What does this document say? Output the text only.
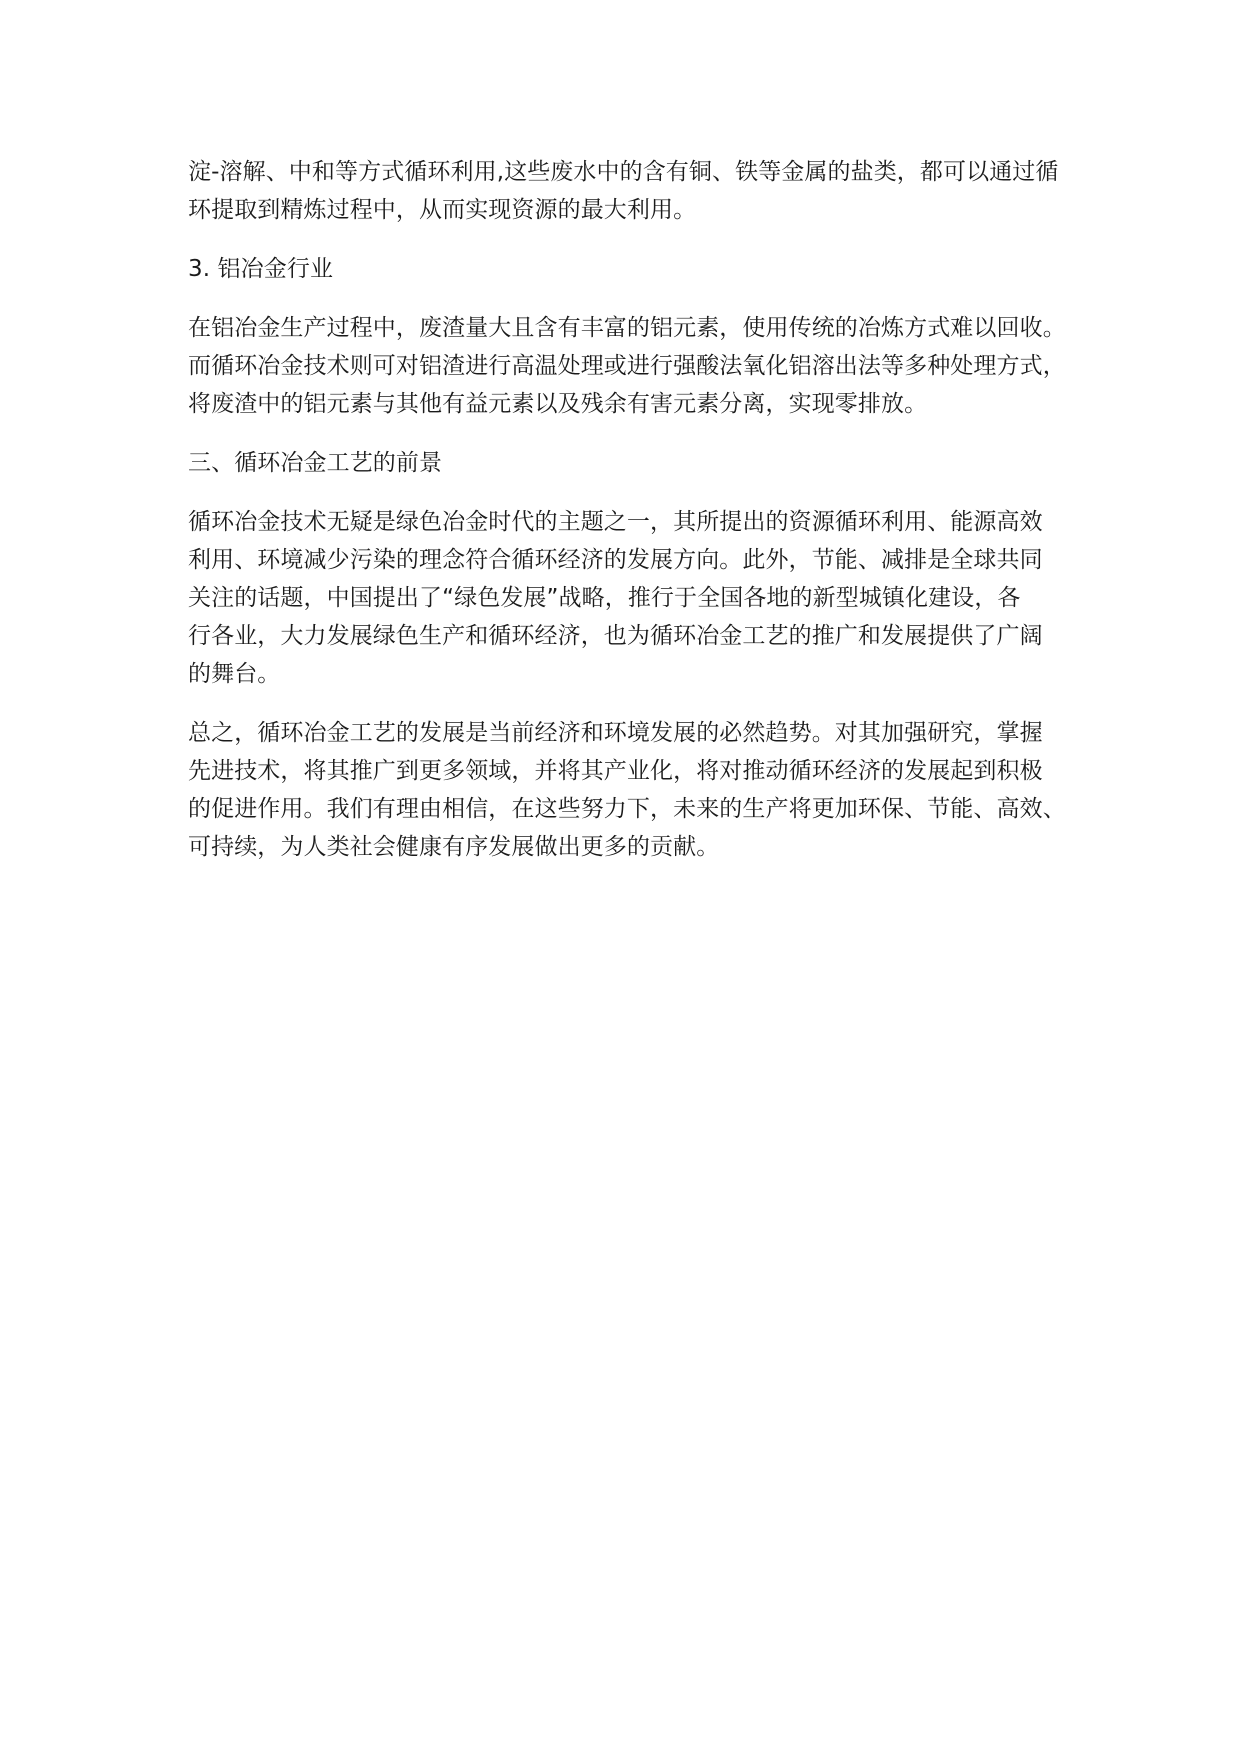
淀-溶解、中和等方式循环利用,这些废水中的含有铜、铁等金属的盐类，都可以通过循
环提取到精炼过程中，从而实现资源的最大利用。
3. 铝冶金行业
在铝冶金生产过程中，废渣量大且含有丰富的铝元素，使用传统的冶炼方式难以回收。
而循环冶金技术则可对铝渣进行高温处理或进行强酸法氧化铝溶出法等多种处理方式，
将废渣中的铝元素与其他有益元素以及残余有害元素分离，实现零排放。
三、循环冶金工艺的前景
循环冶金技术无疑是绿色冶金时代的主题之一，其所提出的资源循环利用、能源高效
利用、环境减少污染的理念符合循环经济的发展方向。此外，节能、减排是全球共同
关注的话题，中国提出了“绿色发展”战略，推行于全国各地的新型城镇化建设，各
行各业，大力发展绿色生产和循环经济，也为循环冶金工艺的推广和发展提供了广阔
的舞台。
总之，循环冶金工艺的发展是当前经济和环境发展的必然趋势。对其加强研究，掌握
先进技术，将其推广到更多领域，并将其产业化，将对推动循环经济的发展起到积极
的促进作用。我们有理由相信，在这些努力下，未来的生产将更加环保、节能、高效、
可持续，为人类社会健康有序发展做出更多的贡献。
